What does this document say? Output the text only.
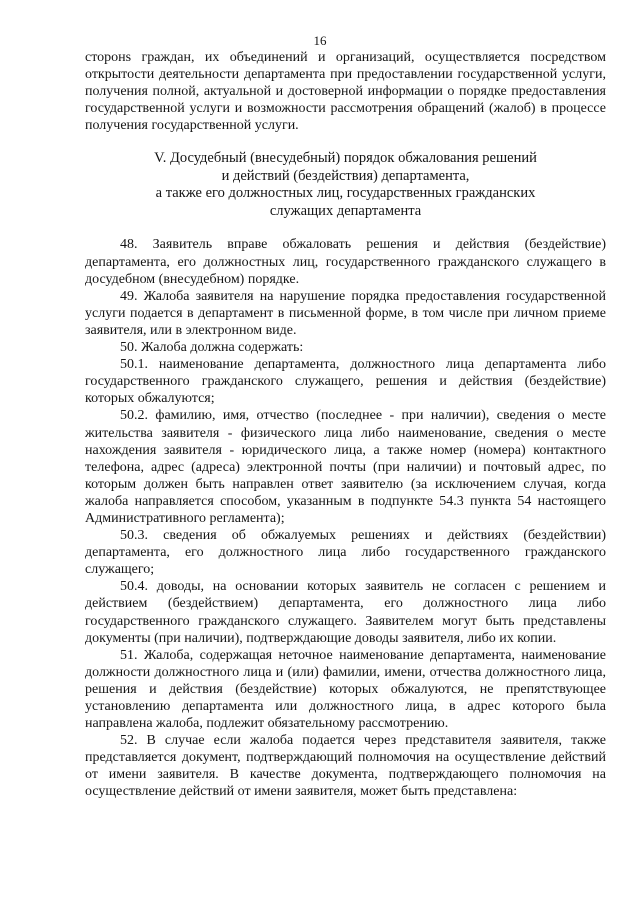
16

сторонѕ граждан, их объединений и организаций, осуществляется посредством открытости деятельности департамента при предоставлении государственной услуги, получения полной, актуальной и достоверной информации о порядке предоставления государственной услуги и возможности рассмотрения обращений (жалоб) в процессе получения государственной услуги.

V. Досудебный (внесудебный) порядок обжалования решений
и действий (бездействия) департамента,
а также его должностных лиц, государственных гражданских
служащих департамента

48. Заявитель вправе обжаловать решения и действия (бездействие) департамента, его должностных лиц, государственного гражданского служащего в досудебном (внесудебном) порядке.

49. Жалоба заявителя на нарушение порядка предоставления государственной услуги подается в департамент в письменной форме, в том числе при личном приеме заявителя, или в электронном виде.

50. Жалоба должна содержать:

50.1. наименование департамента, должностного лица департамента либо государственного гражданского служащего, решения и действия (бездействие) которых обжалуются;

50.2. фамилию, имя, отчество (последнее - при наличии), сведения о месте жительства заявителя - физического лица либо наименование, сведения о месте нахождения заявителя - юридического лица, а также номер (номера) контактного телефона, адрес (адреса) электронной почты (при наличии) и почтовый адрес, по которым должен быть направлен ответ заявителю (за исключением случая, когда жалоба направляется способом, указанным в подпункте 54.3 пункта 54 настоящего Административного регламента);

50.3. сведения об обжалуемых решениях и действиях (бездействии) департамента, его должностного лица либо государственного гражданского служащего;

50.4. доводы, на основании которых заявитель не согласен с решением и действием (бездействием) департамента, его должностного лица либо государственного гражданского служащего. Заявителем могут быть представлены документы (при наличии), подтверждающие доводы заявителя, либо их копии.

51. Жалоба, содержащая неточное наименование департамента, наименование должности должностного лица и (или) фамилии, имени, отчества должностного лица, решения и действия (бездействие) которых обжалуются, не препятствующее установлению департамента или должностного лица, в адрес которого была направлена жалоба, подлежит обязательному рассмотрению.

52. В случае если жалоба подается через представителя заявителя, также представляется документ, подтверждающий полномочия на осуществление действий от имени заявителя. В качестве документа, подтверждающего полномочия на осуществление действий от имени заявителя, может быть представлена:
